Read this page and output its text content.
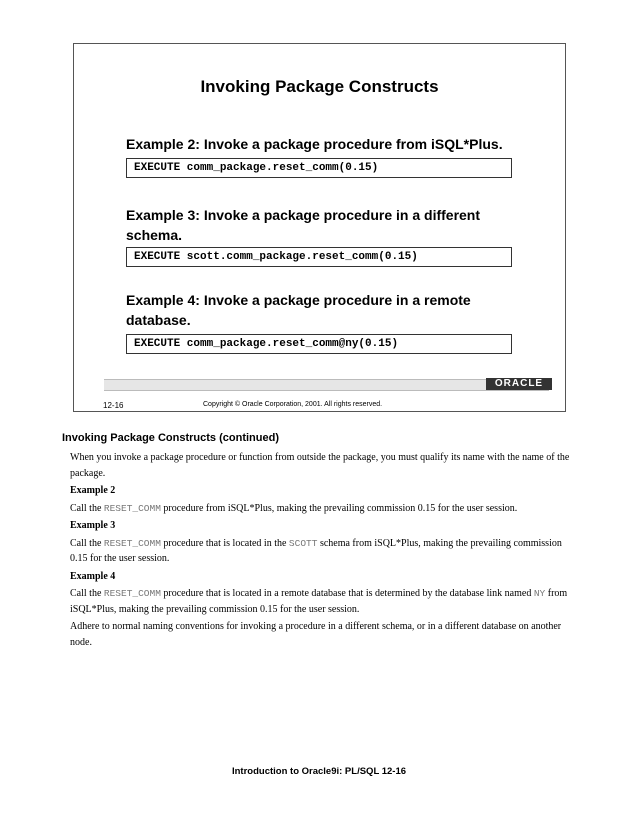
Invoking Package Constructs
Example 2: Invoke a package procedure from iSQL*Plus.
EXECUTE comm_package.reset_comm(0.15)
Example 3: Invoke a package procedure in a different
schema.
EXECUTE scott.comm_package.reset_comm(0.15)
Example 4: Invoke a package procedure in a remote
database.
EXECUTE comm_package.reset_comm@ny(0.15)
ORACLE
12-16	Copyright © Oracle Corporation, 2001. All rights reserved.
Invoking Package Constructs (continued)

When you invoke a package procedure or function from outside the package, you must qualify its name with the name of the package.

Example 2

Call the RESET_COMM procedure from iSQL*Plus, making the prevailing commission 0.15 for the user session.

Example 3

Call the RESET_COMM procedure that is located in the SCOTT schema from iSQL*Plus, making the prevailing commission 0.15 for the user session.

Example 4

Call the RESET_COMM procedure that is located in a remote database that is determined by the database link named NY from iSQL*Plus, making the prevailing commission 0.15 for the user session.

Adhere to normal naming conventions for invoking a procedure in a different schema, or in a different database on another node.

Introduction to Oracle9i: PL/SQL 12-16
